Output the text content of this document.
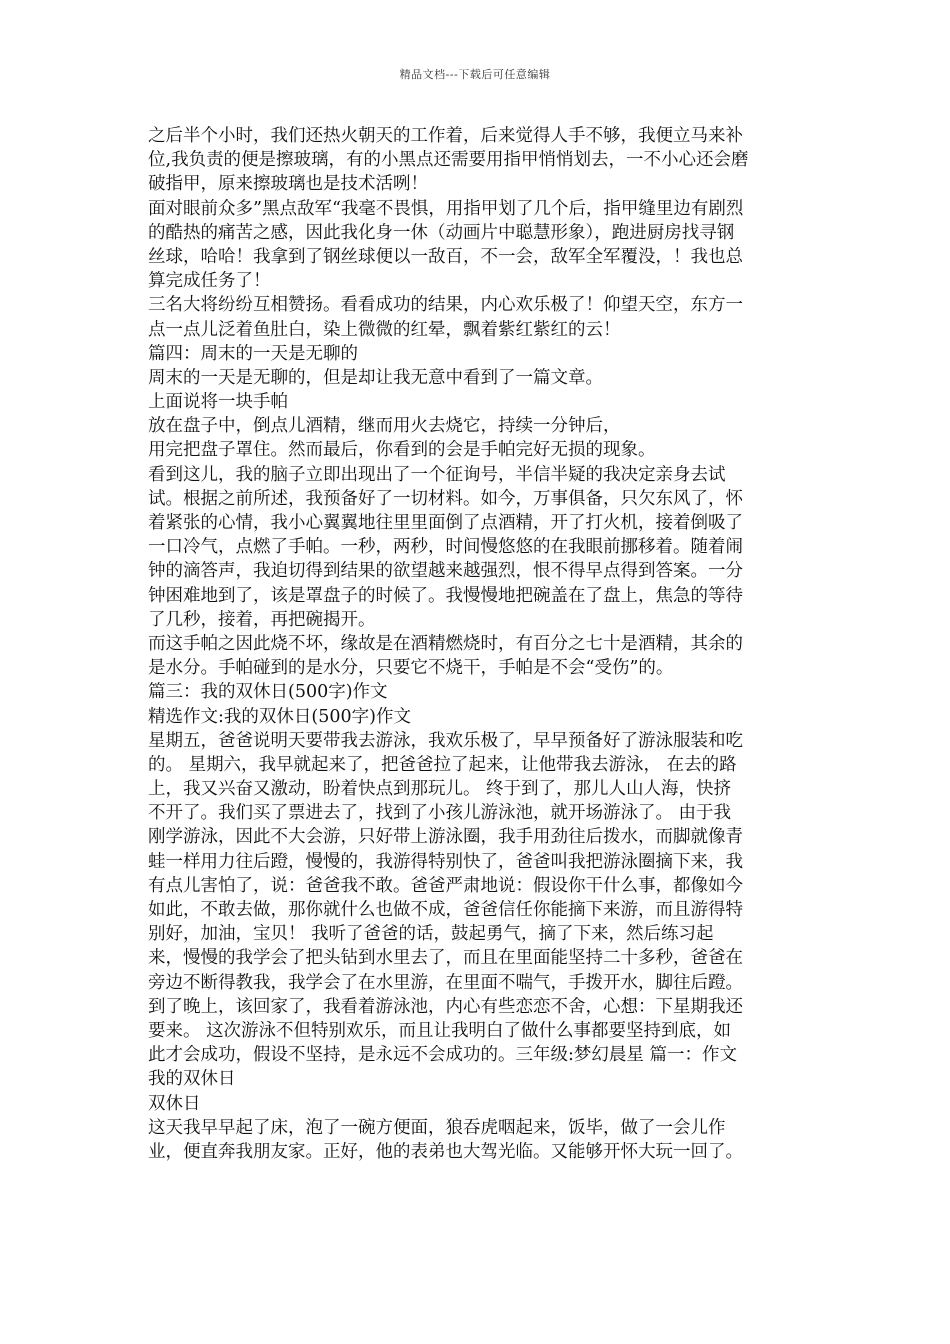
精品文档---下载后可任意编辑
之后半个小时，我们还热火朝天的工作着，后来觉得人手不够，我便立马来补
位,我负责的便是擦玻璃，有的小黑点还需要用指甲悄悄划去，一不小心还会磨
破指甲，原来擦玻璃也是技术活咧！
面对眼前众多”黑点敌军“我毫不畏惧，用指甲划了几个后，指甲缝里边有剧烈
的酷热的痛苦之感，因此我化身一休（动画片中聪慧形象），跑进厨房找寻钢
丝球，哈哈！我拿到了钢丝球便以一敌百，不一会，敌军全军覆没，！我也总
算完成任务了！
三名大将纷纷互相赞扬。看看成功的结果，内心欢乐极了！仰望天空，东方一
点一点儿泛着鱼肚白，染上微微的红晕，飘着紫红紫红的云！
篇四：周末的一天是无聊的
周末的一天是无聊的，但是却让我无意中看到了一篇文章。
上面说将一块手帕
放在盘子中，倒点儿酒精，继而用火去烧它，持续一分钟后，
用完把盘子罩住。然而最后，你看到的会是手帕完好无损的现象。
看到这儿，我的脑子立即出现出了一个征询号，半信半疑的我决定亲身去试
试。根据之前所述，我预备好了一切材料。如今，万事俱备，只欠东风了，怀
着紧张的心情，我小心翼翼地往里里面倒了点酒精，开了打火机，接着倒吸了
一口冷气，点燃了手帕。一秒，两秒，时间慢悠悠的在我眼前挪移着。随着闹
钟的滴答声，我迫切得到结果的欲望越来越强烈，恨不得早点得到答案。一分
钟困难地到了，该是罩盘子的时候了。我慢慢地把碗盖在了盘上，焦急的等待
了几秒，接着，再把碗揭开。
而这手帕之因此烧不坏，缘故是在酒精燃烧时，有百分之七十是酒精，其余的
是水分。手帕碰到的是水分，只要它不烧干，手帕是不会“受伤”的。
篇三：我的双休日(500字)作文
精选作文:我的双休日(500字)作文
星期五，爸爸说明天要带我去游泳，我欢乐极了，早早预备好了游泳服装和吃
的。 星期六，我早就起来了，把爸爸拉了起来，让他带我去游泳， 在去的路
上，我又兴奋又激动，盼着快点到那玩儿。 终于到了，那儿人山人海，快挤
不开了。我们买了票进去了，找到了小孩儿游泳池，就开场游泳了。 由于我
刚学游泳，因此不大会游，只好带上游泳圈，我手用劲往后拨水，而脚就像青
蛙一样用力往后蹬，慢慢的，我游得特别快了，爸爸叫我把游泳圈摘下来，我
有点儿害怕了，说：爸爸我不敢。爸爸严肃地说：假设你干什么事，都像如今
如此，不敢去做，那你就什么也做不成，爸爸信任你能摘下来游，而且游得特
别好，加油，宝贝！ 我听了爸爸的话，鼓起勇气，摘了下来，然后练习起
来，慢慢的我学会了把头钻到水里去了，而且在里面能坚持二十多秒，爸爸在
旁边不断得教我，我学会了在水里游，在里面不喘气，手拨开水，脚往后蹬。
到了晚上，该回家了，我看着游泳池，内心有些恋恋不舍，心想：下星期我还
要来。 这次游泳不但特别欢乐，而且让我明白了做什么事都要坚持到底，如
此才会成功，假设不坚持，是永远不会成功的。三年级:梦幻晨星 篇一：作文
我的双休日
双休日
这天我早早起了床，泡了一碗方便面，狼吞虎咽起来，饭毕，做了一会儿作
业，便直奔我朋友家。正好，他的表弟也大驾光临。又能够开怀大玩一回了。
